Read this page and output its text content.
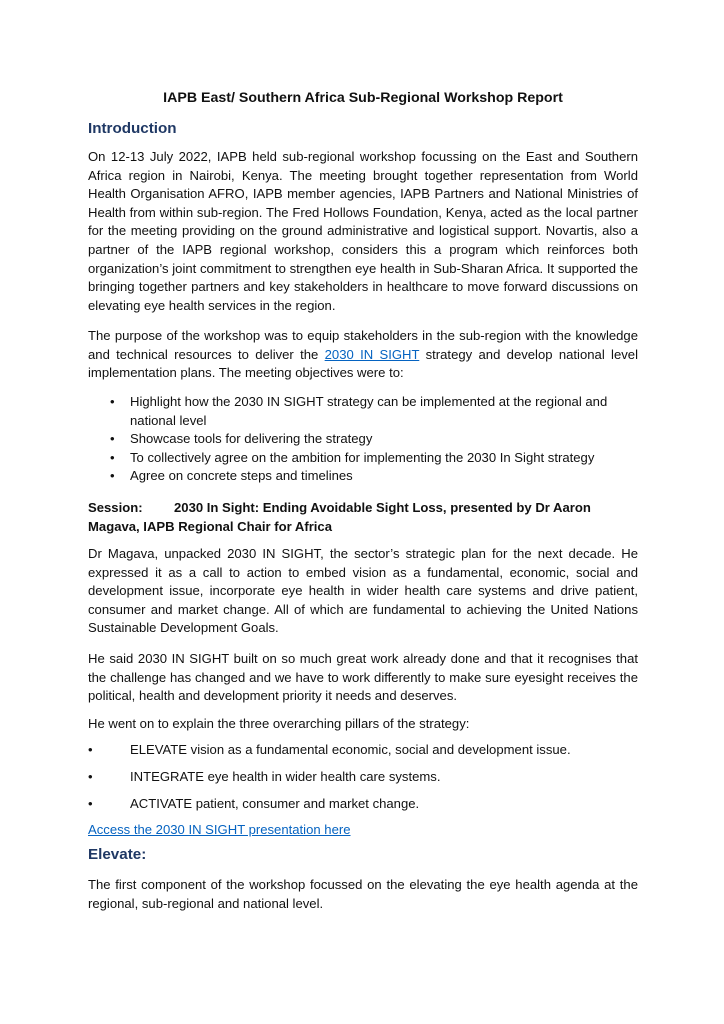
IAPB East/ Southern Africa Sub-Regional Workshop Report
Introduction

On 12-13 July 2022, IAPB held sub-regional workshop focussing on the East and Southern Africa region in Nairobi, Kenya. The meeting brought together representation from World Health Organisation AFRO, IAPB member agencies, IAPB Partners and National Ministries of Health from within sub-region. The Fred Hollows Foundation, Kenya, acted as the local partner for the meeting providing on the ground administrative and logistical support. Novartis, also a partner of the IAPB regional workshop, considers this a program which reinforces both organization’s joint commitment to strengthen eye health in Sub-Sharan Africa. It supported the bringing together partners and key stakeholders in healthcare to move forward discussions on elevating eye health services in the region.

The purpose of the workshop was to equip stakeholders in the sub-region with the knowledge and technical resources to deliver the 2030 IN SIGHT strategy and develop national level implementation plans. The meeting objectives were to:

• Highlight how the 2030 IN SIGHT strategy can be implemented at the regional and national level
• Showcase tools for delivering the strategy
• To collectively agree on the ambition for implementing the 2030 In Sight strategy
• Agree on concrete steps and timelines
Session: 2030 In Sight: Ending Avoidable Sight Loss, presented by Dr Aaron Magava, IAPB Regional Chair for Africa

Dr Magava, unpacked 2030 IN SIGHT, the sector’s strategic plan for the next decade. He expressed it as a call to action to embed vision as a fundamental, economic, social and development issue, incorporate eye health in wider health care systems and drive patient, consumer and market change. All of which are fundamental to achieving the United Nations Sustainable Development Goals.

He said 2030 IN SIGHT built on so much great work already done and that it recognises that the challenge has changed and we have to work differently to make sure eyesight receives the political, health and development priority it needs and deserves.

He went on to explain the three overarching pillars of the strategy:

•	ELEVATE vision as a fundamental economic, social and development issue.
•	INTEGRATE eye health in wider health care systems.
•	ACTIVATE patient, consumer and market change.

Access the 2030 IN SIGHT presentation here

Elevate:

The first component of the workshop focussed on the elevating the eye health agenda at the regional, sub-regional and national level.
